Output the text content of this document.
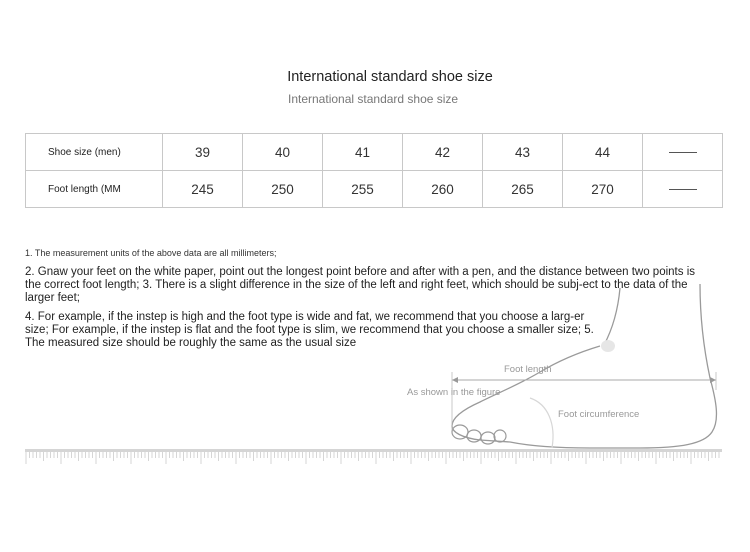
International standard shoe size
International standard shoe size
Shoe size (men)	39	40	41	42	43	44	
Foot length (MM	245	250	255	260	265	270	
1. The measurement units of the above data are all millimeters;
2. Gnaw your feet on the white paper, point out the longest point before and after with a pen, and the distance between two points is the correct foot length; 3. There is a slight difference in the size of the left and right feet, which should be subj-ect to the data of the larger feet;
4. For example, if the instep is high and the foot type is wide and fat, we recommend that you choose a larg-er size; For example, if the instep is flat and the foot type is slim, we recommend that you choose a smaller size; 5. The measured size should be roughly the same as the usual size
Foot length
As shown in the figure
Foot circumference
